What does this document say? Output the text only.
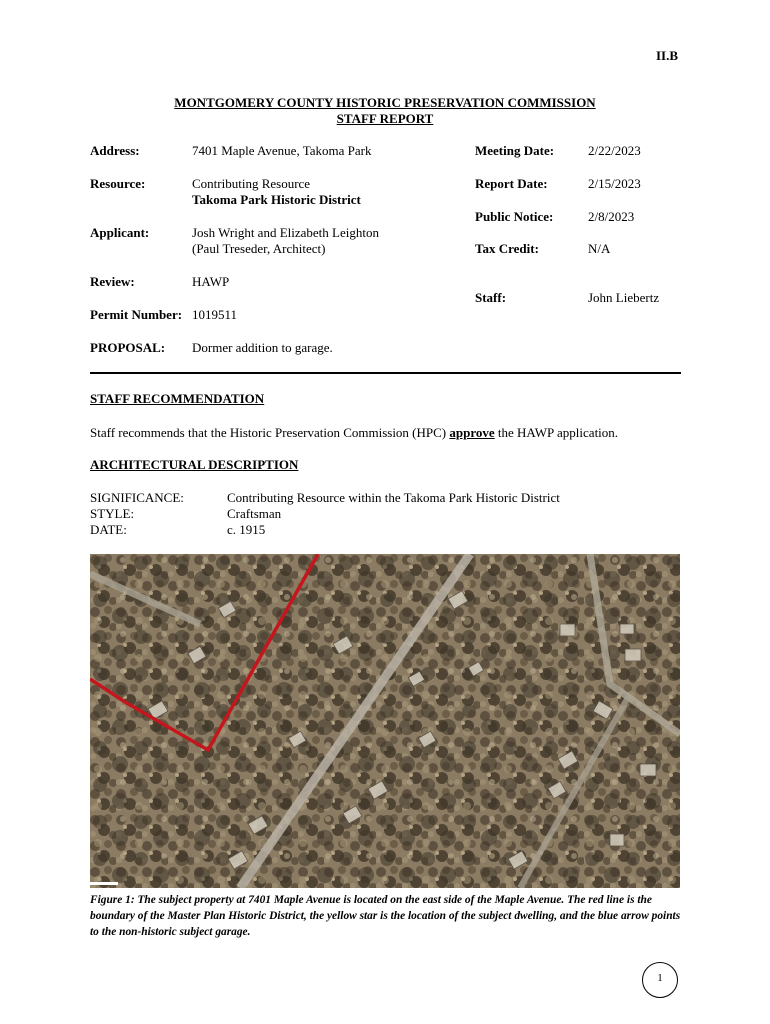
II.B
MONTGOMERY COUNTY HISTORIC PRESERVATION COMMISSION
STAFF REPORT
Address:	7401 Maple Avenue, Takoma Park
Resource:	Contributing Resource
Takoma Park Historic District
Applicant:	Josh Wright and Elizabeth Leighton
(Paul Treseder, Architect)
Review:	HAWP
Permit Number: 1019511
PROPOSAL: Dormer addition to garage.
Meeting Date:	2/22/2023
Report Date:	2/15/2023
Public Notice:	2/8/2023
Tax Credit:	N/A
Staff:	John Liebertz
STAFF RECOMMENDATION
Staff recommends that the Historic Preservation Commission (HPC) approve the HAWP application.
ARCHITECTURAL DESCRIPTION
SIGNIFICANCE:	Contributing Resource within the Takoma Park Historic District
STYLE:	Craftsman
DATE:	c. 1915
Figure 1: The subject property at 7401 Maple Avenue is located on the east side of the Maple Avenue. The red line is the boundary of the Master Plan Historic District, the yellow star is the location of the subject dwelling, and the blue arrow points to the non-historic subject garage.
1
